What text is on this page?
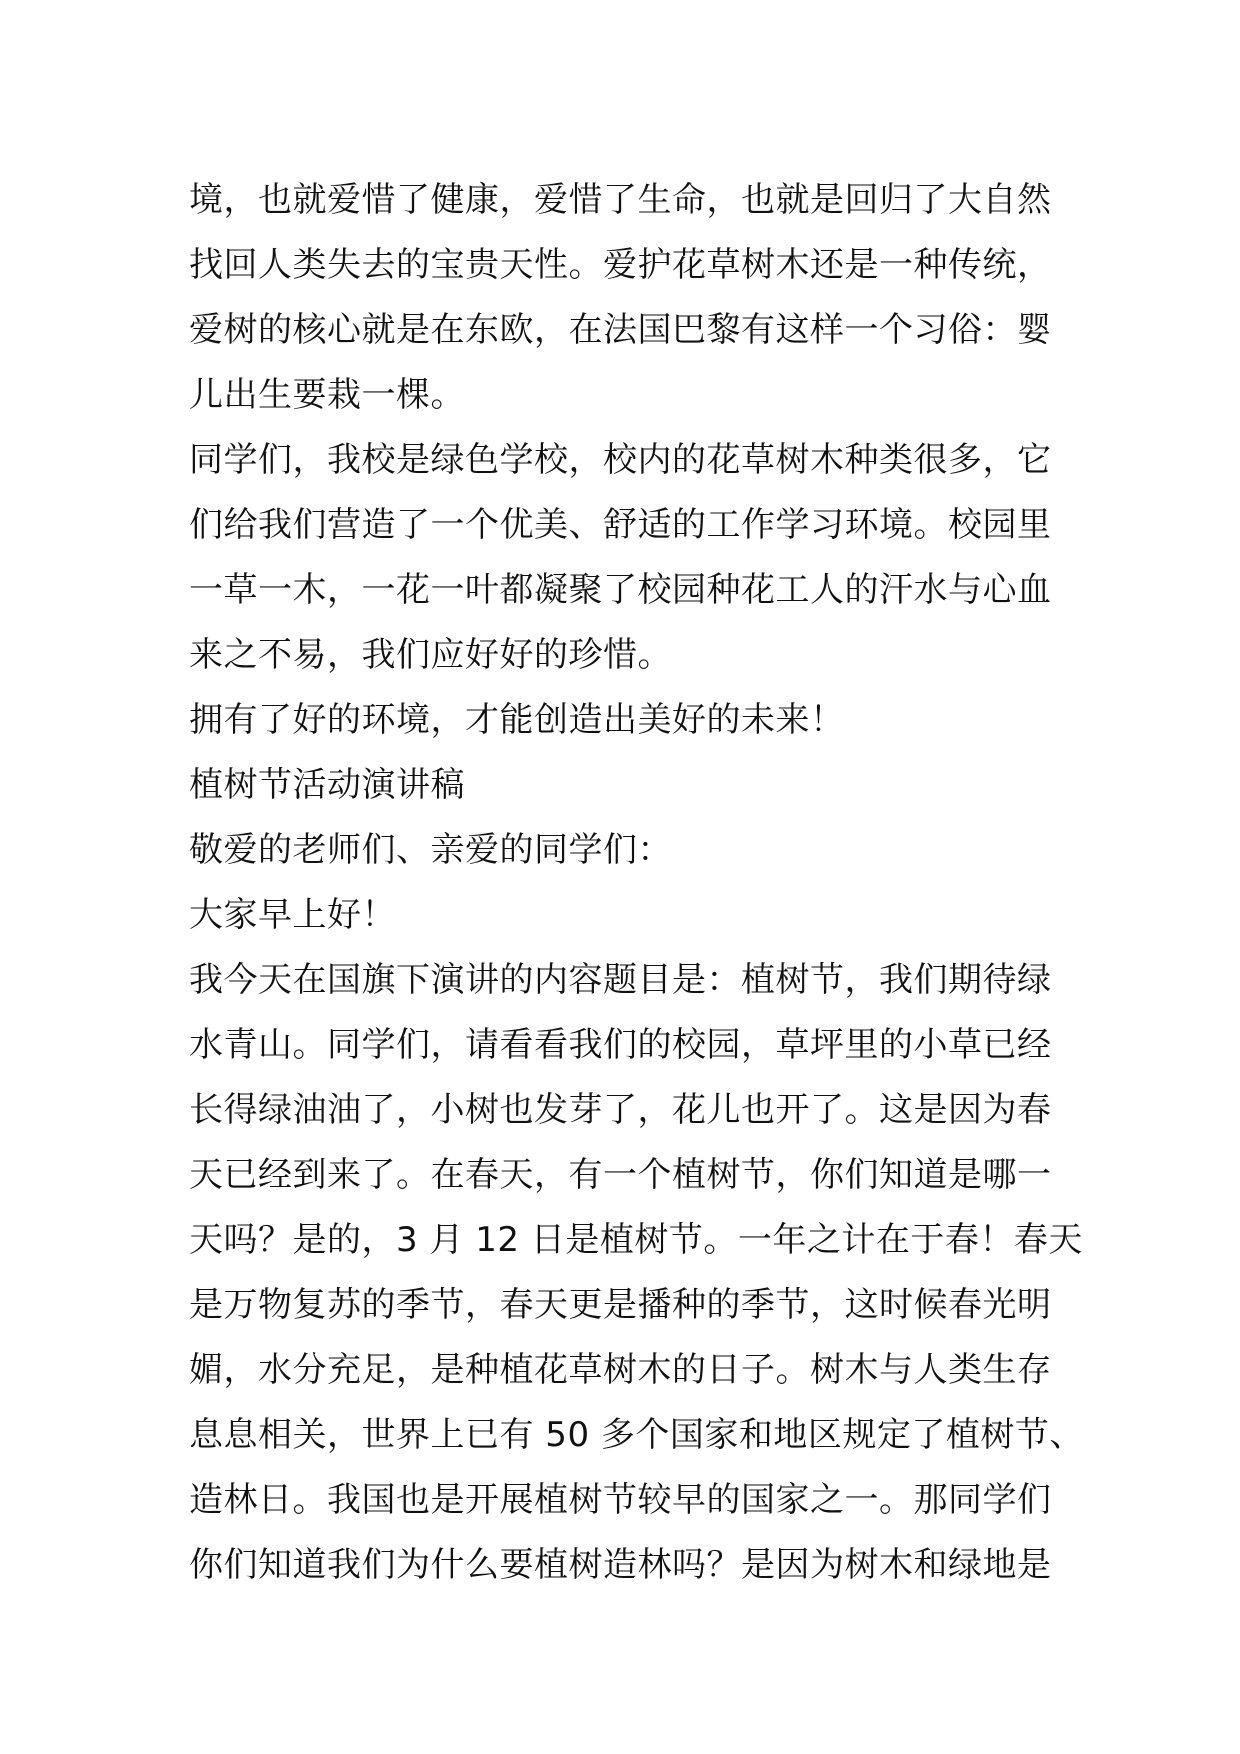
境，也就爱惜了健康，爱惜了生命，也就是回归了大自然
找回人类失去的宝贵天性。爱护花草树木还是一种传统，
爱树的核心就是在东欧，在法国巴黎有这样一个习俗：婴
儿出生要栽一棵。
同学们，我校是绿色学校，校内的花草树木种类很多，它
们给我们营造了一个优美、舒适的工作学习环境。校园里
一草一木，一花一叶都凝聚了校园种花工人的汗水与心血
来之不易，我们应好好的珍惜。
拥有了好的环境，才能创造出美好的未来！
植树节活动演讲稿
敬爱的老师们、亲爱的同学们：
大家早上好！
我今天在国旗下演讲的内容题目是：植树节，我们期待绿
水青山。同学们，请看看我们的校园，草坪里的小草已经
长得绿油油了，小树也发芽了，花儿也开了。这是因为春
天已经到来了。在春天，有一个植树节，你们知道是哪一
天吗？是的，3 月 12 日是植树节。一年之计在于春！春天
是万物复苏的季节，春天更是播种的季节，这时候春光明
媚，水分充足，是种植花草树木的日子。树木与人类生存
息息相关，世界上已有 50 多个国家和地区规定了植树节、
造林日。我国也是开展植树节较早的国家之一。那同学们
你们知道我们为什么要植树造林吗？是因为树木和绿地是
